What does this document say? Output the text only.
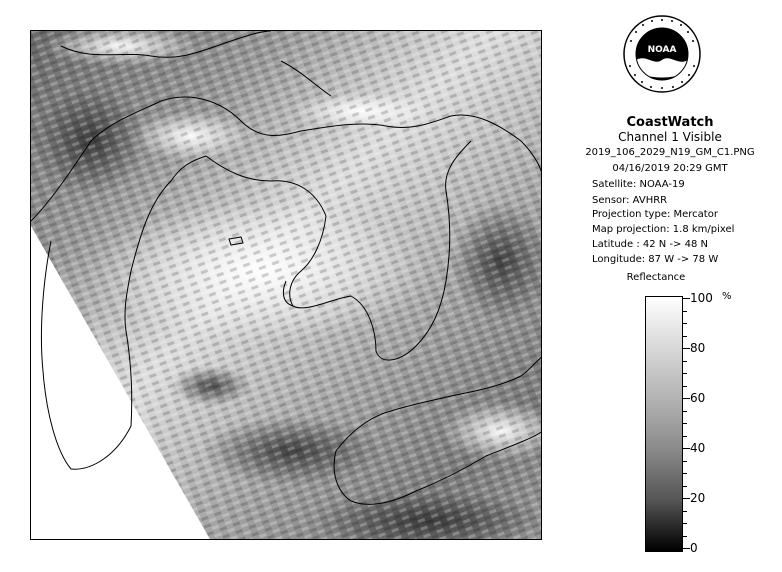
NOAA
CoastWatch
Channel 1 Visible
2019_106_2029_N19_GM_C1.PNG
04/16/2019 20:29 GMT
Satellite: NOAA-19
Sensor: AVHRR
Projection type: Mercator
Map projection: 1.8 km/pixel
Latitude : 42 N -> 48 N
Longitude: 87 W -> 78 W
Reflectance
%
100
80
60
40
20
0
